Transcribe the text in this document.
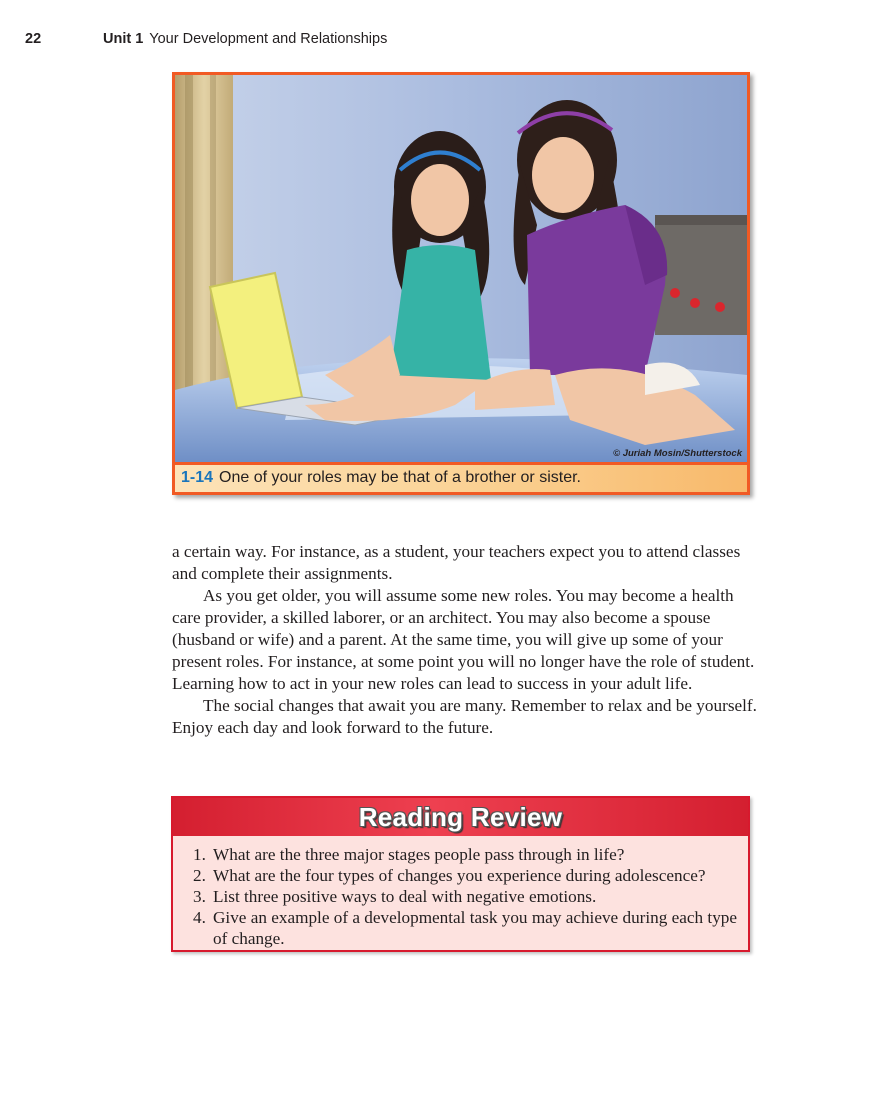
22	Unit 1 Your Development and Relationships
© Juriah Mosin/Shutterstock
1-14 One of your roles may be that of a brother or sister.

a certain way. For instance, as a student, your teachers expect you to attend classes and complete their assignments.

As you get older, you will assume some new roles. You may become a health care provider, a skilled laborer, or an architect. You may also become a spouse (husband or wife) and a parent. At the same time, you will give up some of your present roles. For instance, at some point you will no longer have the role of student. Learning how to act in your new roles can lead to success in your adult life.

The social changes that await you are many. Remember to relax and be yourself. Enjoy each day and look forward to the future.

Reading Review
1. What are the three major stages people pass through in life?
2. What are the four types of changes you experience during adolescence?
3. List three positive ways to deal with negative emotions.
4. Give an example of a developmental task you may achieve during each type of change.
